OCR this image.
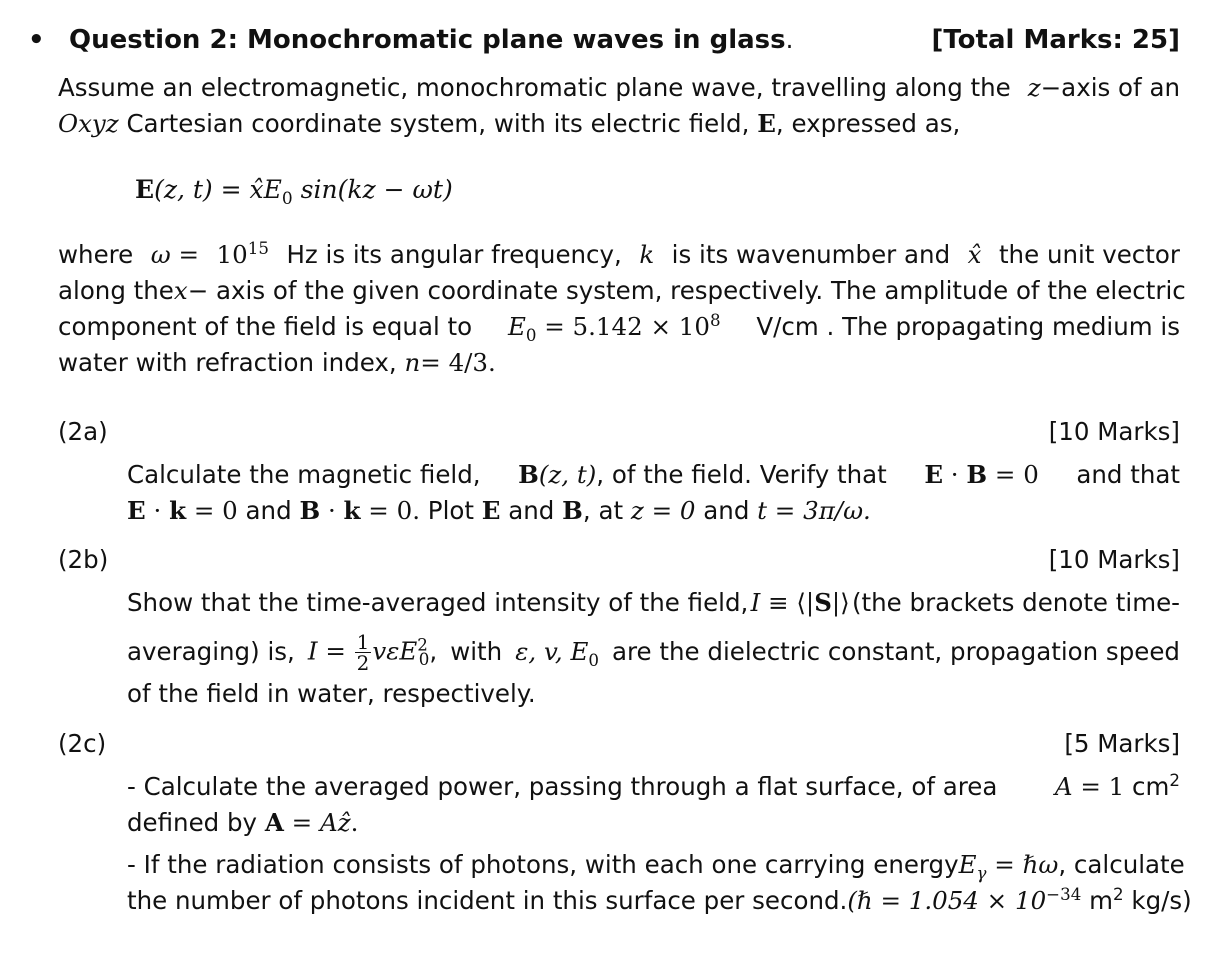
• Question 2: Monochromatic plane waves in glass.	[Total Marks: 25]
Assume an electromagnetic, monochromatic plane wave, travelling along the z−axis of an
Oxyz Cartesian coordinate system, with its electric field, E, expressed as,
E(z, $t) = x̂E_0$ sin(kz − ωt)
where $\omega = 10^{15}$ Hz is its angular frequency, k is its wavenumber and x̂ the unit vector
along the x − axis of the given coordinate system, respectively. The amplitude of the electric
component of the field is equal to $E_0 = 5.142 \times 10^8$ V/cm . The propagating medium is
water with refraction index, n= 4/3.
(2a)	[10 Marks]
Calculate the magnetic field, B(z, t), of the field. Verify that E · B = 0 and that
E · k = 0 and B · k = 0. Plot E and B, at z = 0 and t = 3π/ω.
(2b)	[10 Marks]
Show that the time-averaged intensity of the field, I ≡ ⟨|S|⟩ (the brackets denote time-
averaging) is, $I = \frac{1}{2} v\varepsilon E^2_0$, with ε, v, $E_0$ are the dielectric constant, propagation speed
of the field in water, respectively.
(2c)	[5 Marks]
- Calculate the averaged power, passing through a flat surface, of area A = 1 $cm^2$
defined by A = Aẑ.
- If the radiation consists of photons, with each one carrying energy $E_\gamma$ = ℏω, calculate
the number of photons incident in this surface per second. (ℏ = $1.054 \times 10^{-34}$ $m^2$ kg/s)
